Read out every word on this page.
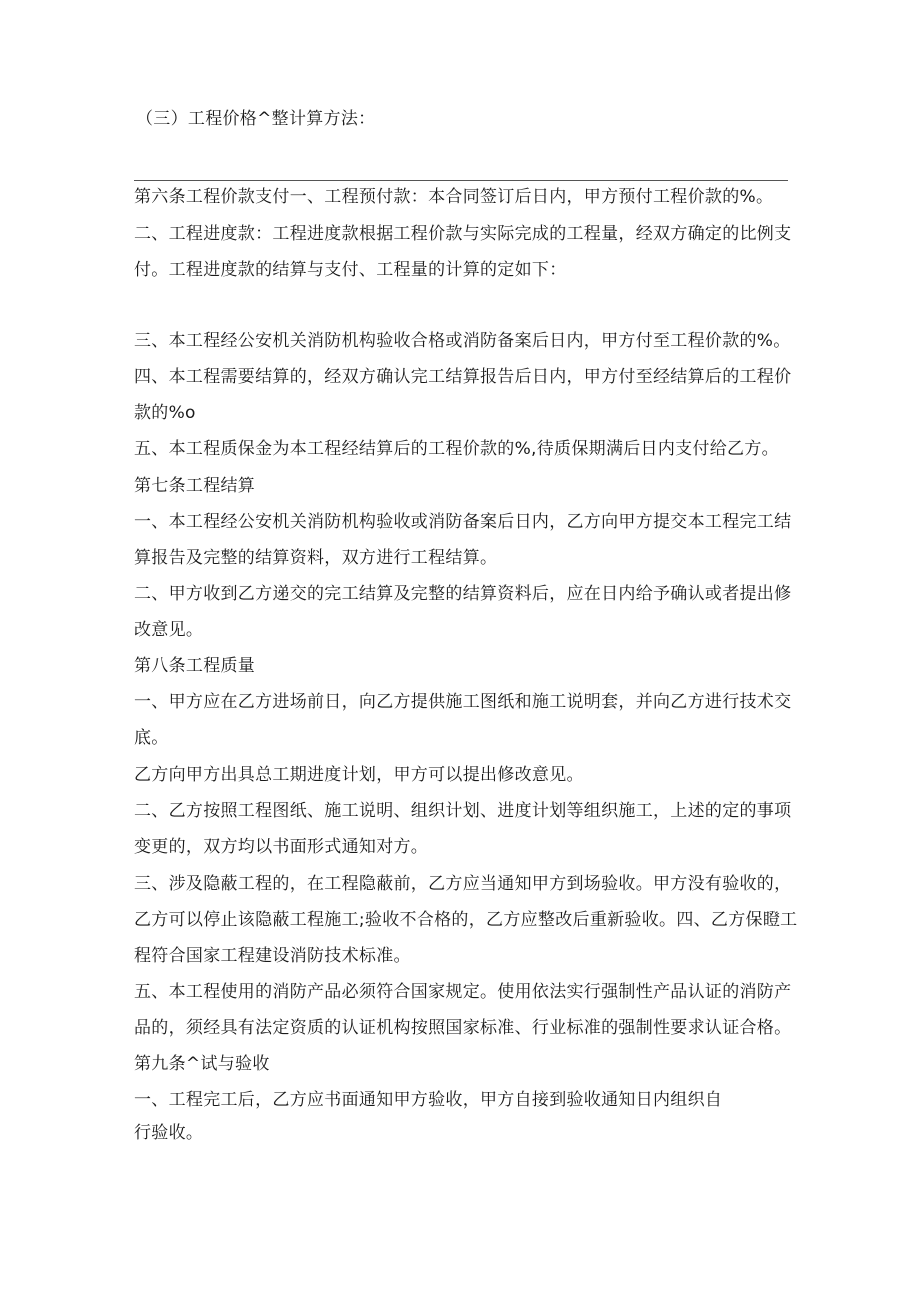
（三）工程价格^整计算方法：
第六条工程价款支付一、工程预付款：本合同签订后日内，甲方预付工程价款的%。
二、工程进度款：工程进度款根据工程价款与实际完成的工程量，经双方确定的比例支
付。工程进度款的结算与支付、工程量的计算的定如下：
三、本工程经公安机关消防机构验收合格或消防备案后日内，甲方付至工程价款的%。
四、本工程需要结算的，经双方确认完工结算报告后日内，甲方付至经结算后的工程价
款的%o
五、本工程质保金为本工程经结算后的工程价款的%,待质保期满后日内支付给乙方。
第七条工程结算
一、本工程经公安机关消防机构验收或消防备案后日内，乙方向甲方提交本工程完工结
算报告及完整的结算资料，双方进行工程结算。
二、甲方收到乙方递交的完工结算及完整的结算资料后，应在日内给予确认或者提出修
改意见。
第八条工程质量
一、甲方应在乙方进场前日，向乙方提供施工图纸和施工说明套，并向乙方进行技术交
底。
乙方向甲方出具总工期进度计划，甲方可以提出修改意见。
二、乙方按照工程图纸、施工说明、组织计划、进度计划等组织施工，上述的定的事项
变更的，双方均以书面形式通知对方。
三、涉及隐蔽工程的，在工程隐蔽前，乙方应当通知甲方到场验收。甲方没有验收的，
乙方可以停止该隐蔽工程施工;验收不合格的，乙方应整改后重新验收。四、乙方保瞪工
程符合国家工程建设消防技术标准。
五、本工程使用的消防产品必须符合国家规定。使用依法实行强制性产品认证的消防产
品的，须经具有法定资质的认证机构按照国家标准、行业标准的强制性要求认证合格。
第九条^试与验收
一、工程完工后，乙方应书面通知甲方验收，甲方自接到验收通知日内组织自
行验收。
